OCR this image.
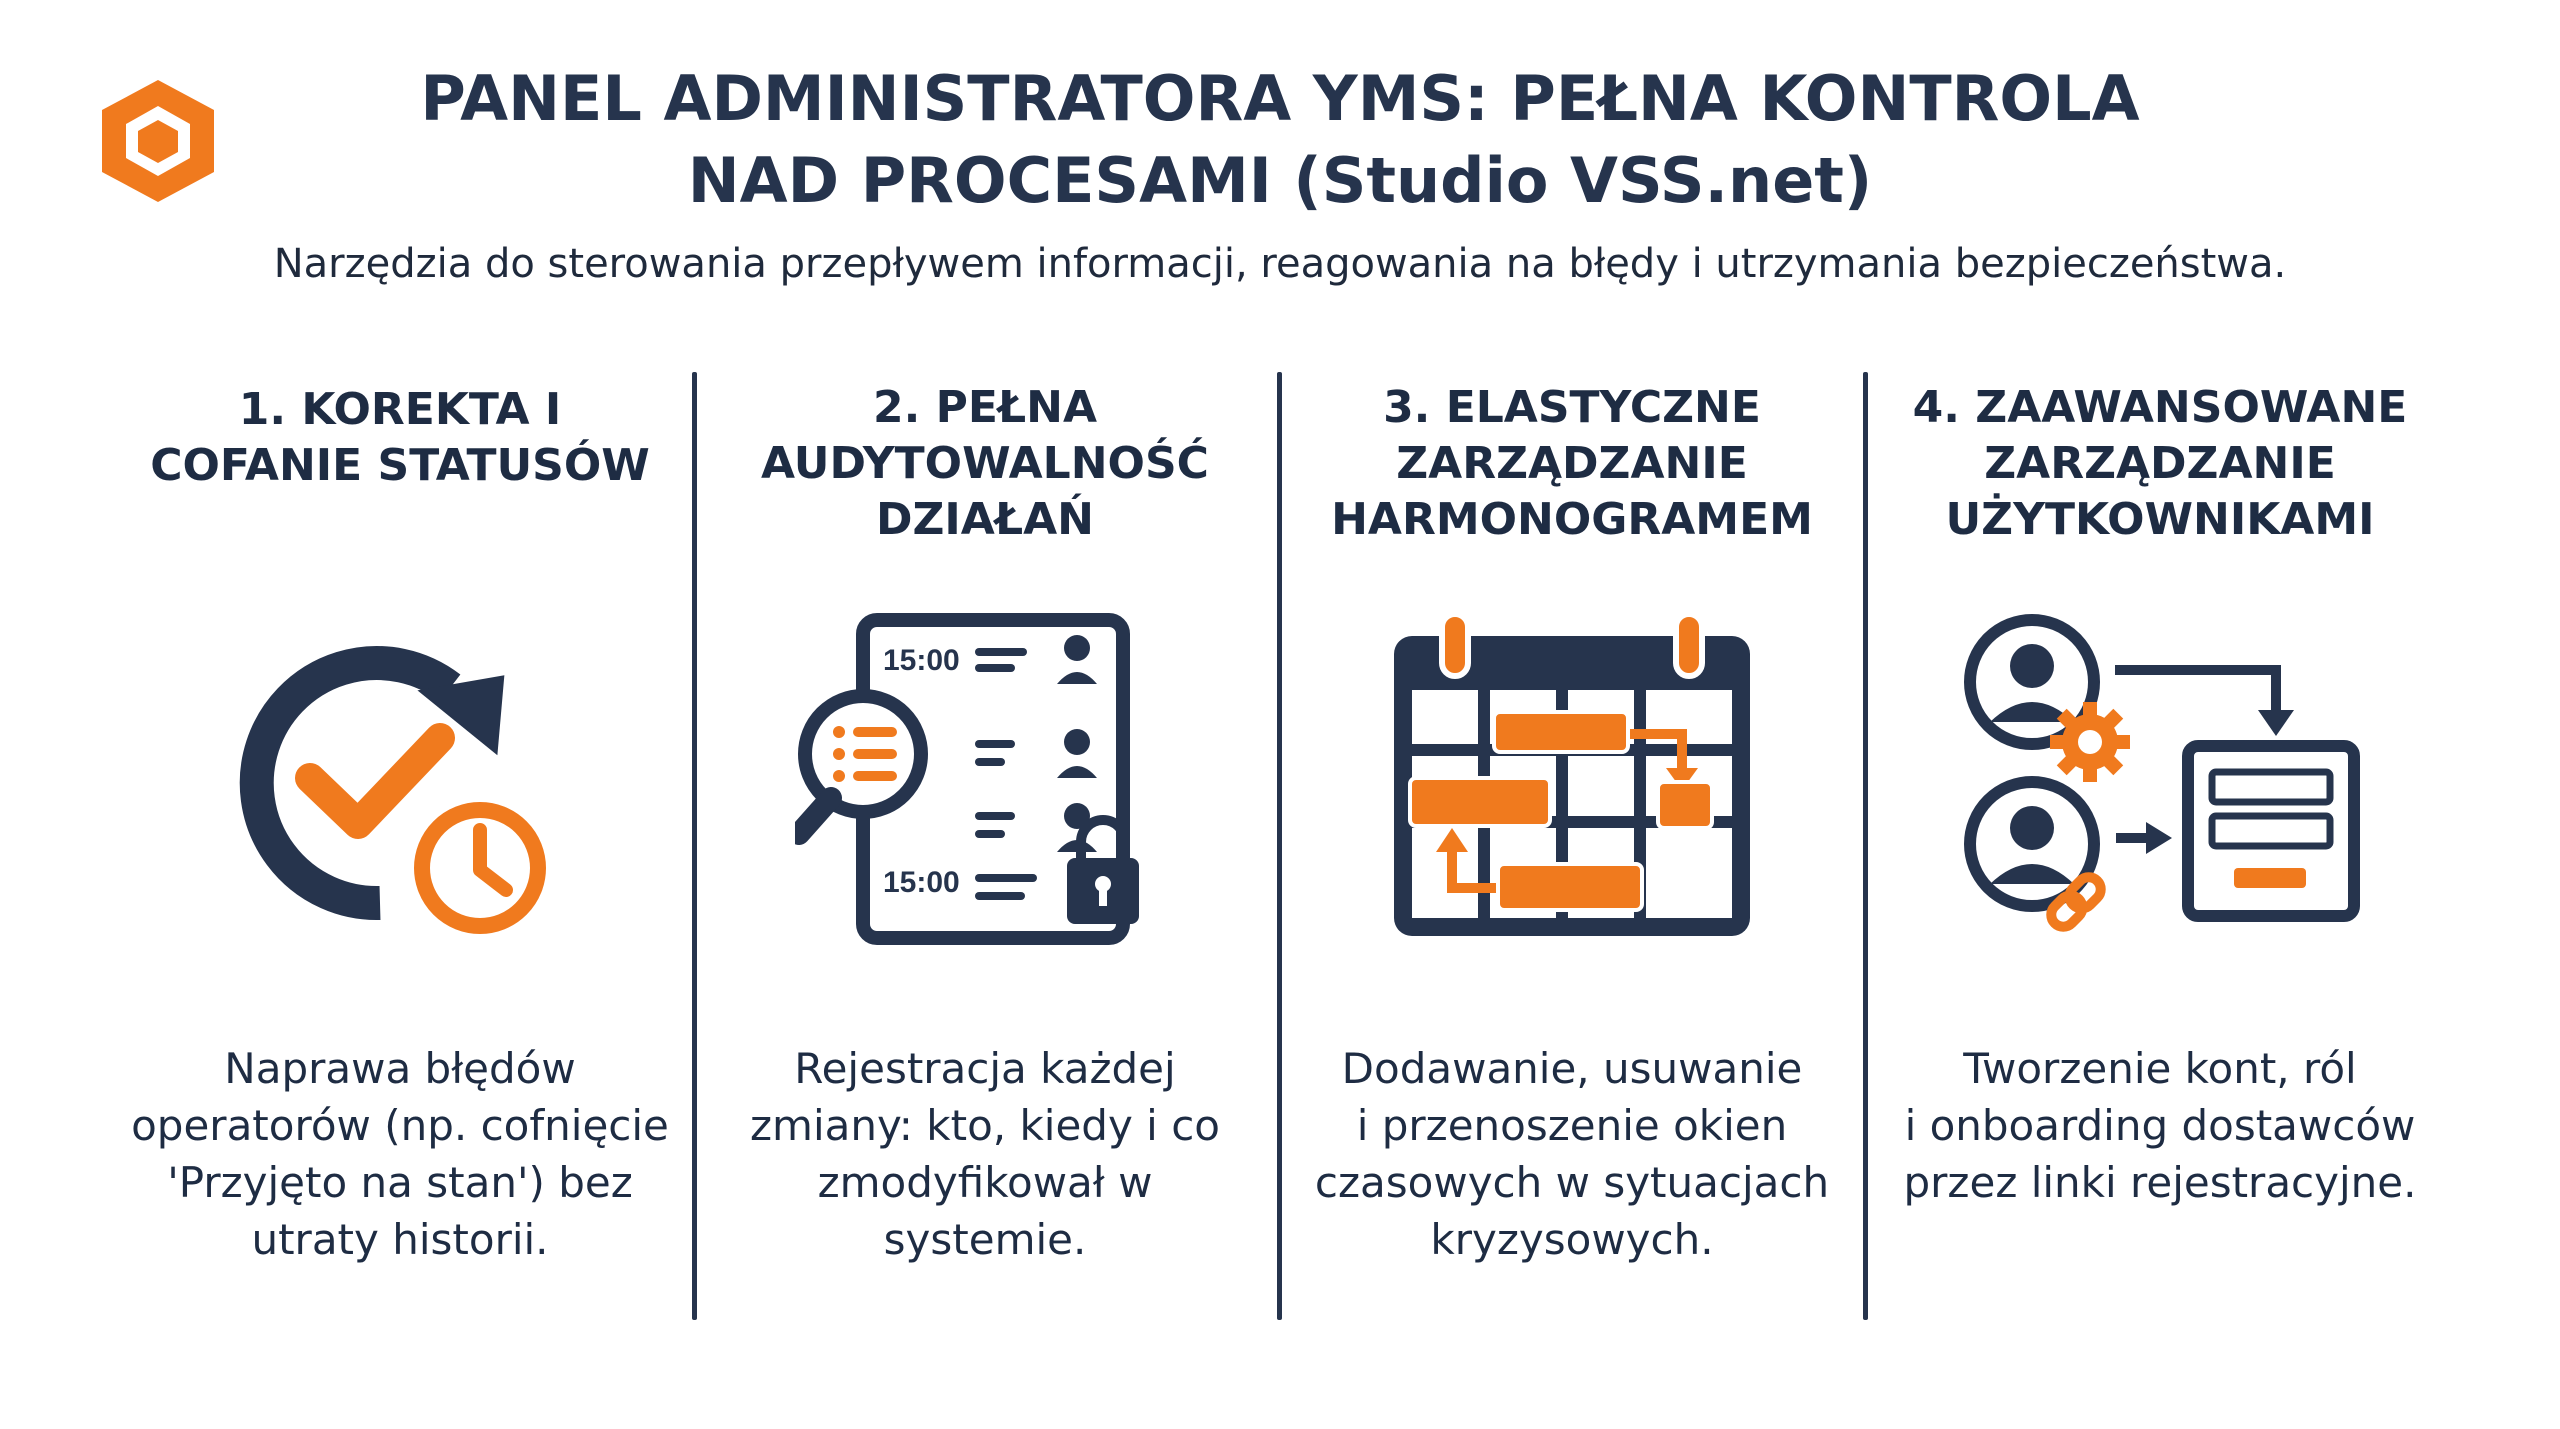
PANEL ADMINISTRATORA YMS: PEŁNA KONTROLA
NAD PROCESAMI (Studio VSS.net)
Narzędzia do sterowania przepływem informacji, reagowania na błędy i utrzymania bezpieczeństwa.
1. KOREKTA I
COFANIE STATUSÓW
Naprawa błędów
operatorów (np. cofnięcie
'Przyjęto na stan') bez
utraty historii.
2. PEŁNA
AUDYTOWALNOŚĆ
DZIAŁAŃ
15:00
15:00
Rejestracja każdej
zmiany: kto, kiedy i co
zmodyfikował w
systemie.
3. ELASTYCZNE
ZARZĄDZANIE
HARMONOGRAMEM
Dodawanie, usuwanie
i przenoszenie okien
czasowych w sytuacjach
kryzysowych.
4. ZAAWANSOWANE
ZARZĄDZANIE
UŻYTKOWNIKAMI
Tworzenie kont, ról
i onboarding dostawców
przez linki rejestracyjne.
